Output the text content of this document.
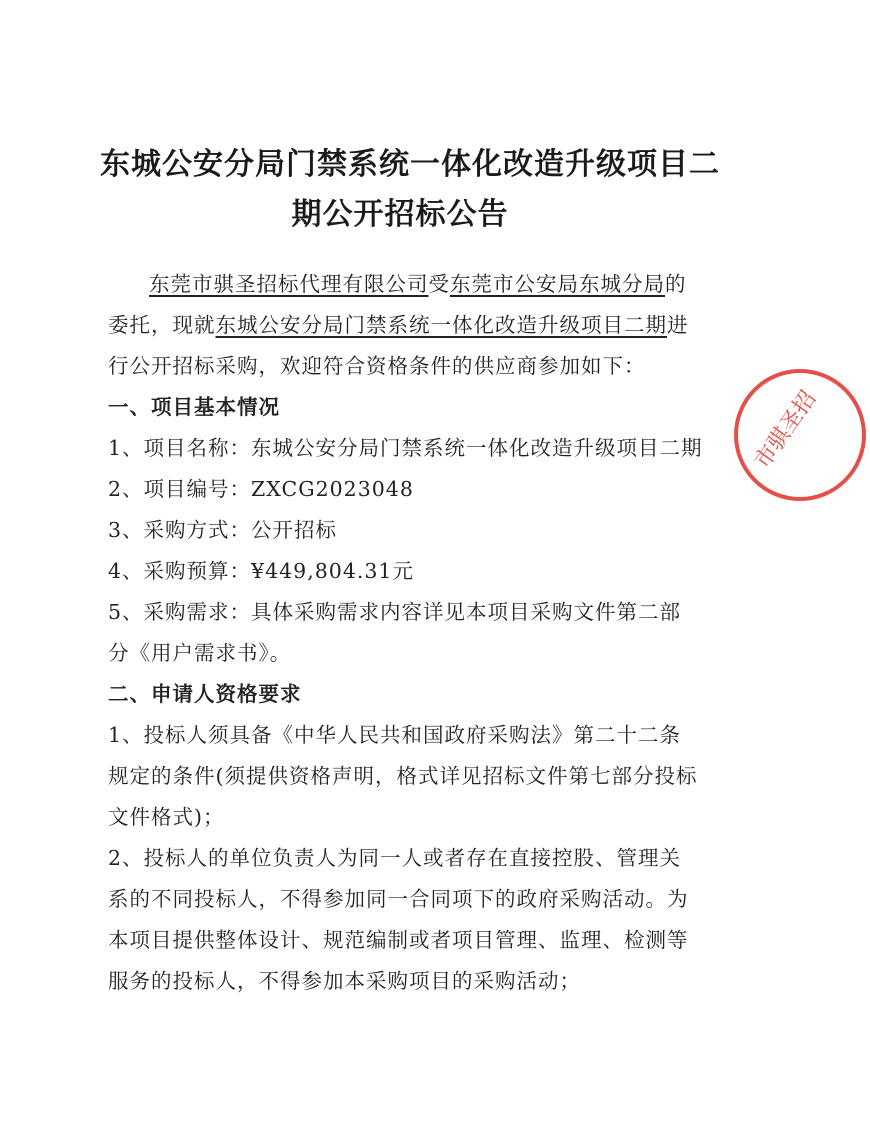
东城公安分局门禁系统一体化改造升级项目二
期公开招标公告

东莞市骐圣招标代理有限公司受东莞市公安局东城分局的委托，现就东城公安分局门禁系统一体化改造升级项目二期进行公开招标采购，欢迎符合资格条件的供应商参加如下：

一、项目基本情况

1、项目名称：东城公安分局门禁系统一体化改造升级项目二期

2、项目编号：ZXCG2023048

3、采购方式：公开招标

4、采购预算：¥449,804.31元

5、采购需求：具体采购需求内容详见本项目采购文件第二部分《用户需求书》。

二、申请人资格要求

1、投标人须具备《中华人民共和国政府采购法》第二十二条规定的条件(须提供资格声明，格式详见招标文件第七部分投标文件格式)；

2、投标人的单位负责人为同一人或者存在直接控股、管理关系的不同投标人，不得参加同一合同项下的政府采购活动。为本项目提供整体设计、规范编制或者项目管理、监理、检测等服务的投标人，不得参加本采购项目的采购活动；

市骐圣招
